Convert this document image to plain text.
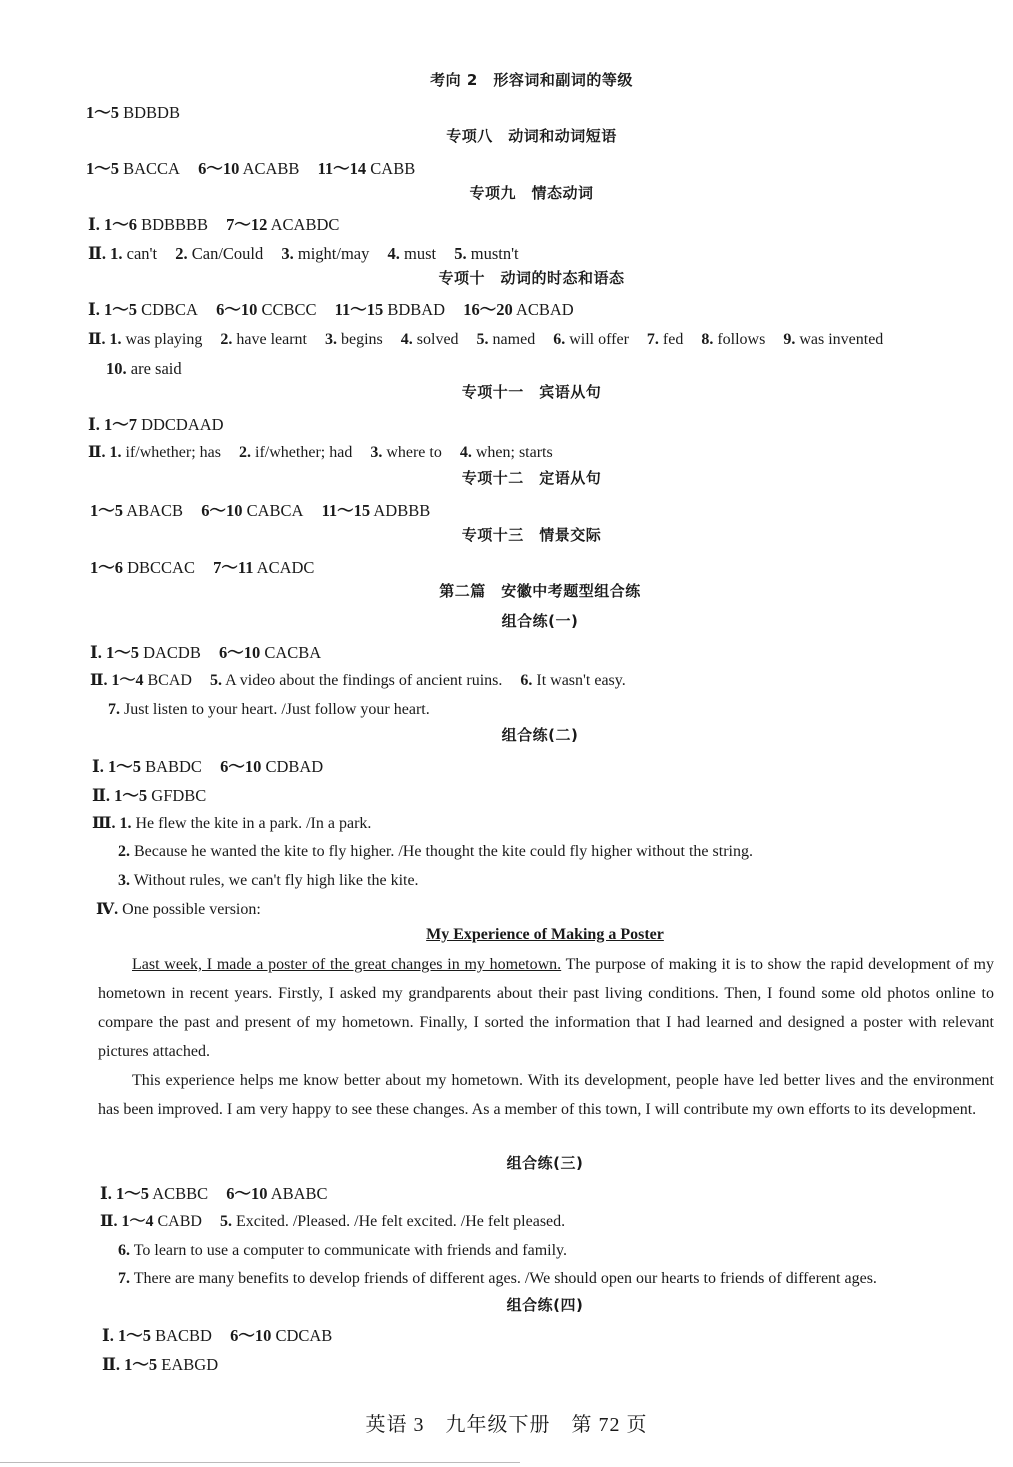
考向 2　形容词和副词的等级
1～5 BDBDB
专项八　动词和动词短语
1～5 BACCA 6～10 ACABB 11～14 CABB
专项九　情态动词
Ⅰ. 1～6 BDBBBB 7～12 ACABDC
Ⅱ. 1. can't 2. Can/Could 3. might/may 4. must 5. mustn't
专项十　动词的时态和语态
Ⅰ. 1～5 CDBCA 6～10 CCBCC 11～15 BDBAD 16～20 ACBAD
Ⅱ. 1. was playing 2. have learnt 3. begins 4. solved 5. named 6. will offer 7. fed 8. follows 9. was invented
10. are said
专项十一　宾语从句
Ⅰ. 1～7 DDCDAAD
Ⅱ. 1. if/whether; has 2. if/whether; had 3. where to 4. when; starts
专项十二　定语从句
1～5 ABACB 6～10 CABCA 11～15 ADBBB
专项十三　情景交际
1～6 DBCCAC 7～11 ACADC
第二篇　安徽中考题型组合练
组合练(一)
Ⅰ. 1～5 DACDB 6～10 CACBA
Ⅱ. 1～4 BCAD 5. A video about the findings of ancient ruins. 6. It wasn't easy.
7. Just listen to your heart. /Just follow your heart.
组合练(二)
Ⅰ. 1～5 BABDC 6～10 CDBAD
Ⅱ. 1～5 GFDBC
Ⅲ. 1. He flew the kite in a park. /In a park.
2. Because he wanted the kite to fly higher. /He thought the kite could fly higher without the string.
3. Without rules, we can't fly high like the kite.
Ⅳ. One possible version:
My Experience of Making a Poster
Last week, I made a poster of the great changes in my hometown. The purpose of making it is to show the rapid development of my hometown in recent years. Firstly, I asked my grandparents about their past living conditions. Then, I found some old photos online to compare the past and present of my hometown. Finally, I sorted the information that I had learned and designed a poster with relevant pictures attached.
This experience helps me know better about my hometown. With its development, people have led better lives and the environment has been improved. I am very happy to see these changes. As a member of this town, I will contribute my own efforts to its development.
组合练(三)
Ⅰ. 1～5 ACBBC 6～10 ABABC
Ⅱ. 1～4 CABD 5. Excited. /Pleased. /He felt excited. /He felt pleased.
6. To learn to use a computer to communicate with friends and family.
7. There are many benefits to develop friends of different ages. /We should open our hearts to friends of different ages.
组合练(四)
Ⅰ. 1～5 BACBD 6～10 CDCAB
Ⅱ. 1～5 EABGD
英语 3　九年级下册　第 72 页
